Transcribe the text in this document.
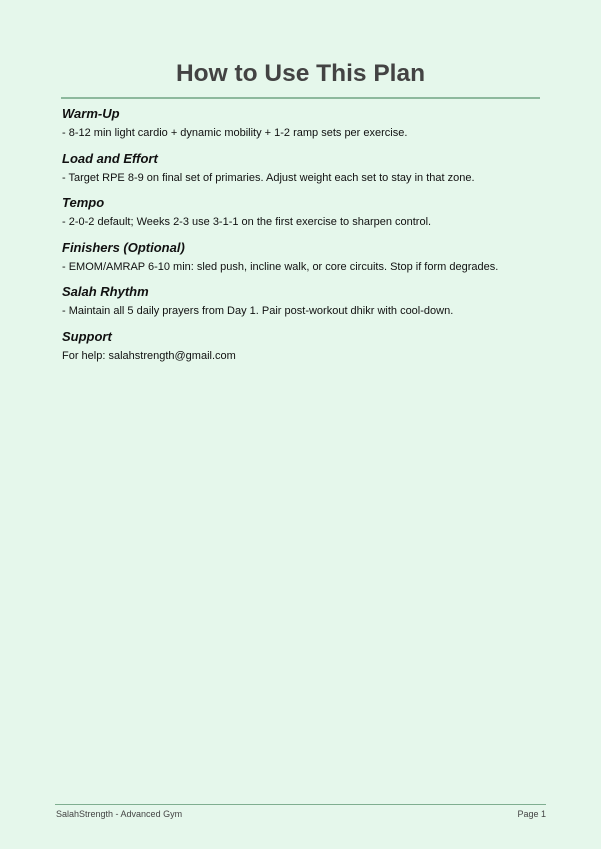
How to Use This Plan
Warm-Up

- 8-12 min light cardio + dynamic mobility + 1-2 ramp sets per exercise.

Load and Effort

- Target RPE 8-9 on final set of primaries. Adjust weight each set to stay in that zone.

Tempo

- 2-0-2 default; Weeks 2-3 use 3-1-1 on the first exercise to sharpen control.

Finishers (Optional)

- EMOM/AMRAP 6-10 min: sled push, incline walk, or core circuits. Stop if form degrades.

Salah Rhythm

- Maintain all 5 daily prayers from Day 1. Pair post-workout dhikr with cool-down.

Support

For help: salahstrength@gmail.com

SalahStrength - Advanced Gym	Page 1
